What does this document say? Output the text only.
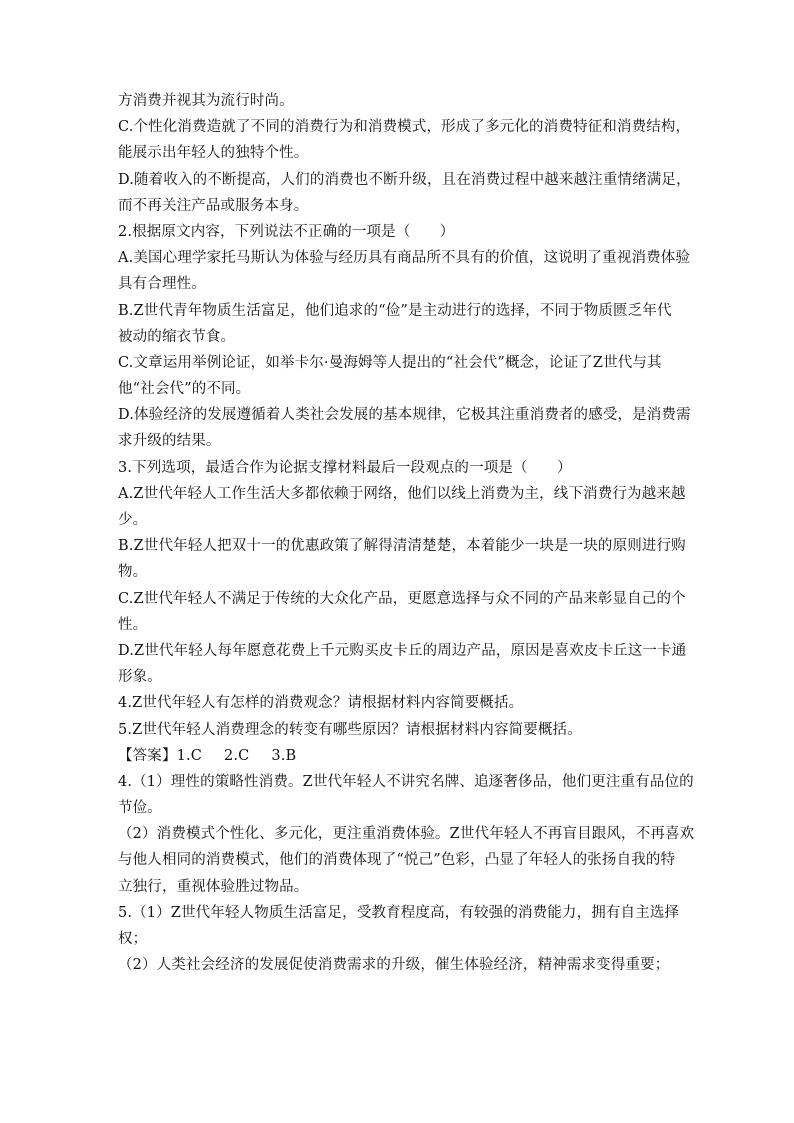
方消费并视其为流行时尚。
C.个性化消费造就了不同的消费行为和消费模式，形成了多元化的消费特征和消费结构，
能展示出年轻人的独特个性。
D.随着收入的不断提高，人们的消费也不断升级，且在消费过程中越来越注重情绪满足，
而不再关注产品或服务本身。
2.根据原文内容，下列说法不正确的一项是（　　）
A.美国心理学家托马斯认为体验与经历具有商品所不具有的价值，这说明了重视消费体验
具有合理性。
B.Z世代青年物质生活富足，他们追求的“俭”是主动进行的选择，不同于物质匮乏年代
被动的缩衣节食。
C.文章运用举例论证，如举卡尔·曼海姆等人提出的“社会代”概念，论证了Z世代与其
他“社会代”的不同。
D.体验经济的发展遵循着人类社会发展的基本规律，它极其注重消费者的感受，是消费需
求升级的结果。
3.下列选项，最适合作为论据支撑材料最后一段观点的一项是（　　）
A.Z世代年轻人工作生活大多都依赖于网络，他们以线上消费为主，线下消费行为越来越
少。
B.Z世代年轻人把双十一的优惠政策了解得清清楚楚，本着能少一块是一块的原则进行购
物。
C.Z世代年轻人不满足于传统的大众化产品，更愿意选择与众不同的产品来彰显自己的个
性。
D.Z世代年轻人每年愿意花费上千元购买皮卡丘的周边产品，原因是喜欢皮卡丘这一卡通
形象。
4.Z世代年轻人有怎样的消费观念？请根据材料内容简要概括。
5.Z世代年轻人消费理念的转变有哪些原因？请根据材料内容简要概括。
【答案】1.C 2.C 3.B
4.（1）理性的策略性消费。Z世代年轻人不讲究名牌、追逐奢侈品，他们更注重有品位的
节俭。
（2）消费模式个性化、多元化，更注重消费体验。Z世代年轻人不再盲目跟风，不再喜欢
与他人相同的消费模式，他们的消费体现了“悦己”色彩，凸显了年轻人的张扬自我的特
立独行，重视体验胜过物品。
5.（1）Z世代年轻人物质生活富足，受教育程度高，有较强的消费能力，拥有自主选择
权；
（2）人类社会经济的发展促使消费需求的升级，催生体验经济，精神需求变得重要；
